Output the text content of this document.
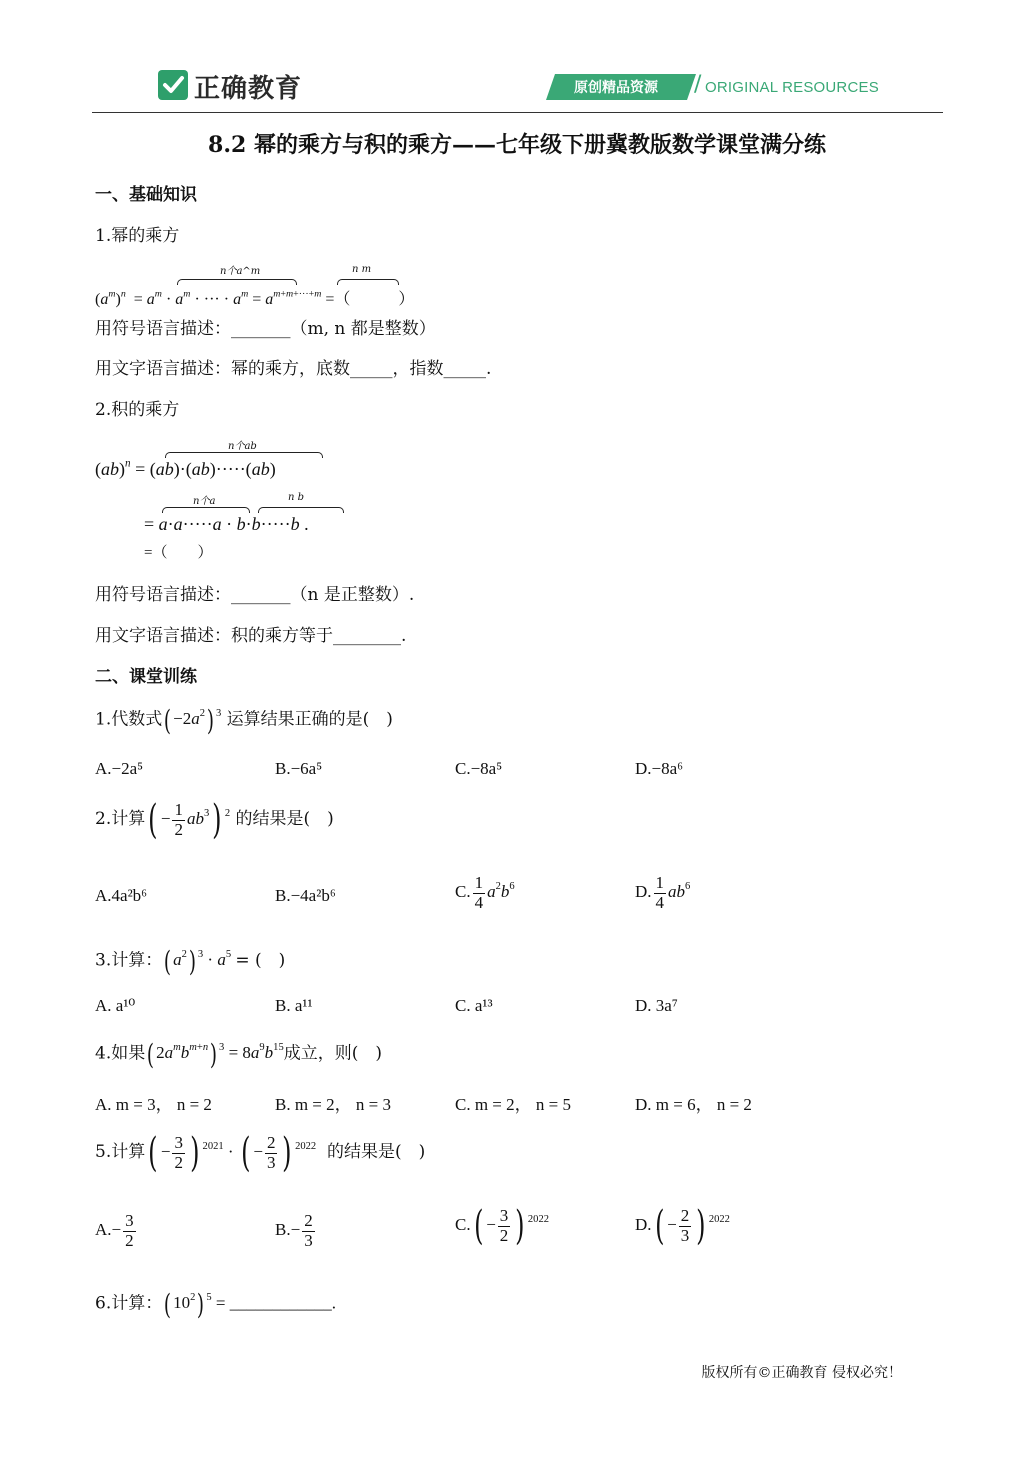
正确教育	原创精品资源 / ORIGINAL RESOURCES
8.2 幂的乘方与积的乘方——七年级下册冀教版数学课堂满分练
一、基础知识
1.幂的乘方
n个a^m	n m
$(a^m)^n = a^m \cdot a^m$ · ··· · $a^m = a^{m+m+\cdot\cdot\cdot+m}$ =（　　　）
用符号语言描述：_______（m, n 都是整数）
用文字语言描述：幂的乘方，底数_____，指数_____.
2.积的乘方
n个ab
(ab)$^n$ = (ab)·(ab)·····(ab)
n个a	n b
= a·a·····a · b·b·····b .
=（　　）
用符号语言描述：_______（n 是正整数）.
用文字语言描述：积的乘方等于________.
二、课堂训练
1.代数式( $-2a^2$) $^3$ 运算结果正确的是(　)
A.−2a⁵	B.−6a⁵	C.−8a⁵	D.−8a⁶
2.计算( − $\frac{1}{2} ab^3$) $^2$ 的结果是(　)
A.4a²b⁶	B.−4a²b⁶	C. $\frac{1}{4} a^2b^6$	D. $\frac{1}{4} ab^6$
3.计算：( $a^2$) $^3 \cdot a^5$ = (　)
A. a¹⁰	B. a¹¹	C. a¹³	D. 3a⁷
4.如果( $2a^mb^{m+n}$) $^3 = 8a^9b^{15}$成立，则(　)
A. m = 3， n = 2	B. m = 2， n = 3	C. m = 2， n = 5	D. m = 6， n = 2
5.计算( − $\frac{3}{2}$ ) $^{2021}$ · ( − $\frac{2}{3}$ ) $^{2022}$ 的结果是(　)
$A.- \frac{3}{2}$	$B.- \frac{2}{3}$	$C.( - \frac{3}{2}$ ) $^{2022}$	$D.( - \frac{2}{3}$ ) $^{2022}$
6.计算：( $10^2$) $^5$ = ____________.
版权所有©正确教育 侵权必究！
